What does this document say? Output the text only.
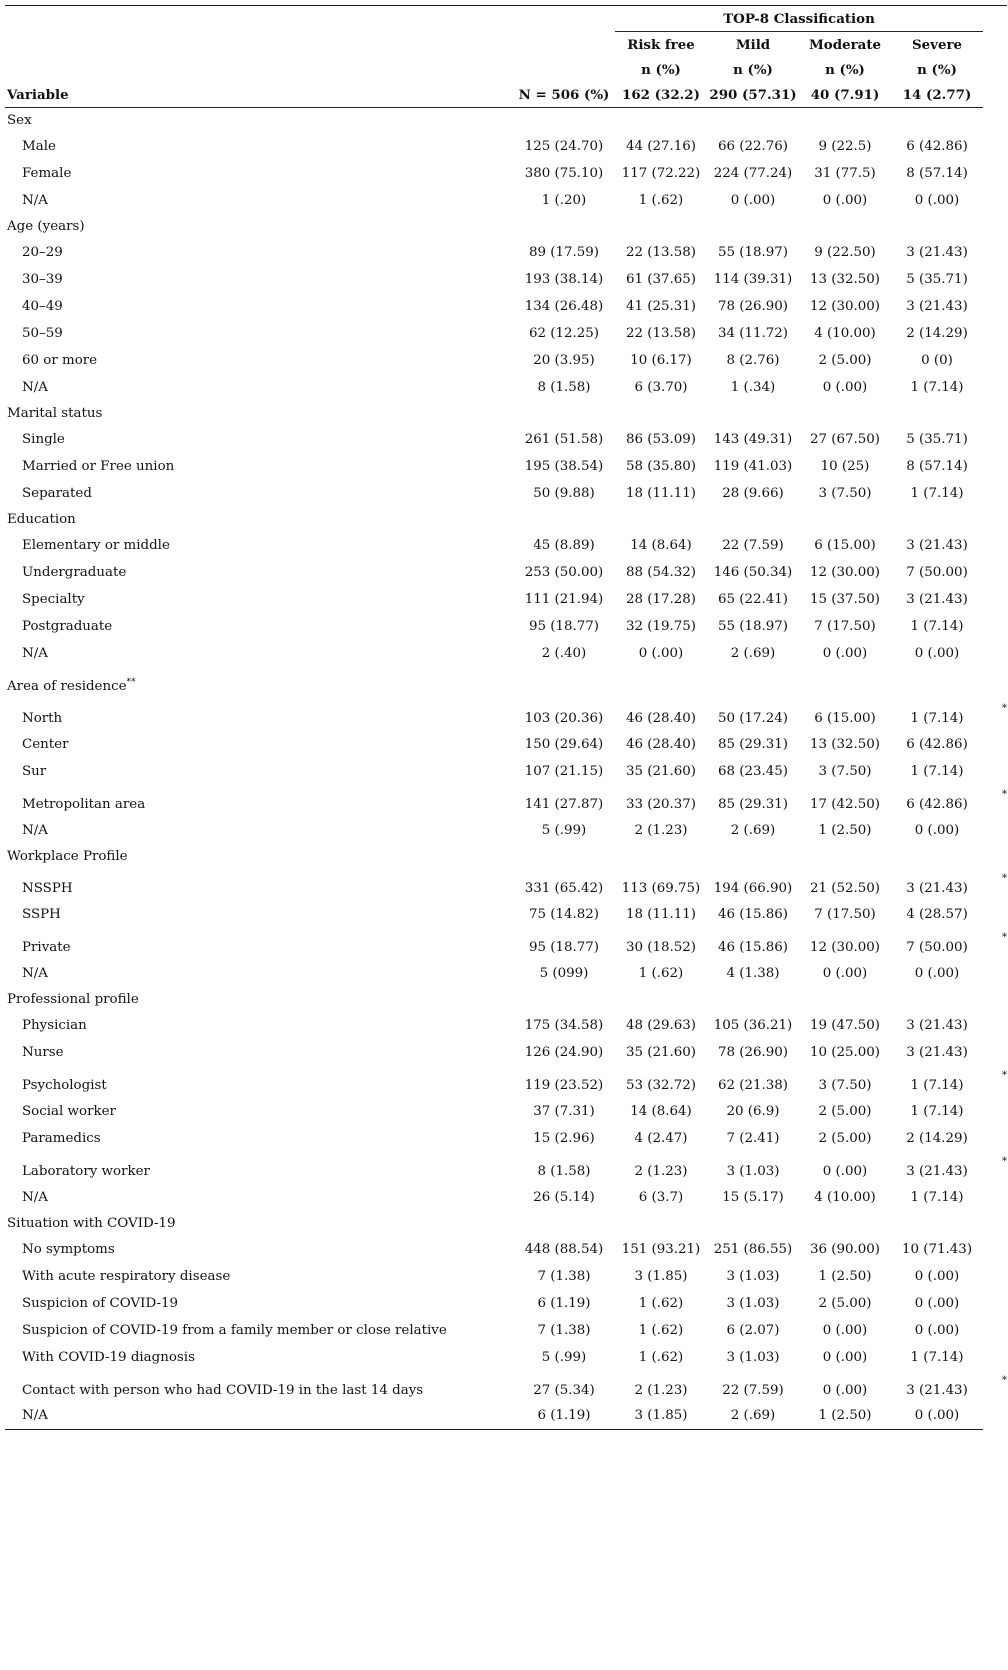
		TOP-8 Classification				
		Risk free	Mild	Moderate	Severe	
		n (%)	n (%)	n (%)	n (%)	
Variable	N = 506 (%)	162 (32.2)	290 (57.31)	40 (7.91)	14 (2.77)	
Sex						
Male	125 (24.70)	44 (27.16)	66 (22.76)	9 (22.5)	6 (42.86)	
Female	380 (75.10)	117 (72.22)	224 (77.24)	31 (77.5)	8 (57.14)	
N/A	1 (.20)	1 (.62)	0 (.00)	0 (.00)	0 (.00)	
Age (years)						
20–29	89 (17.59)	22 (13.58)	55 (18.97)	9 (22.50)	3 (21.43)	
30–39	193 (38.14)	61 (37.65)	114 (39.31)	13 (32.50)	5 (35.71)	
40–49	134 (26.48)	41 (25.31)	78 (26.90)	12 (30.00)	3 (21.43)	
50–59	62 (12.25)	22 (13.58)	34 (11.72)	4 (10.00)	2 (14.29)	
60 or more	20 (3.95)	10 (6.17)	8 (2.76)	2 (5.00)	0 (0)	
N/A	8 (1.58)	6 (3.70)	1 (.34)	0 (.00)	1 (7.14)	
Marital status						
Single	261 (51.58)	86 (53.09)	143 (49.31)	27 (67.50)	5 (35.71)	
Married or Free union	195 (38.54)	58 (35.80)	119 (41.03)	10 (25)	8 (57.14)	
Separated	50 (9.88)	18 (11.11)	28 (9.66)	3 (7.50)	1 (7.14)	
Education						
Elementary or middle	45 (8.89)	14 (8.64)	22 (7.59)	6 (15.00)	3 (21.43)	
Undergraduate	253 (50.00)	88 (54.32)	146 (50.34)	12 (30.00)	7 (50.00)	
Specialty	111 (21.94)	28 (17.28)	65 (22.41)	15 (37.50)	3 (21.43)	
Postgraduate	95 (18.77)	32 (19.75)	55 (18.97)	7 (17.50)	1 (7.14)	
N/A	2 (.40)	0 (.00)	2 (.69)	0 (.00)	0 (.00)	
Area of residence**						
North	103 (20.36)	46 (28.40)	50 (17.24)	6 (15.00)	1 (7.14)	*
Center	150 (29.64)	46 (28.40)	85 (29.31)	13 (32.50)	6 (42.86)	
Sur	107 (21.15)	35 (21.60)	68 (23.45)	3 (7.50)	1 (7.14)	
Metropolitan area	141 (27.87)	33 (20.37)	85 (29.31)	17 (42.50)	6 (42.86)	*
N/A	5 (.99)	2 (1.23)	2 (.69)	1 (2.50)	0 (.00)	
Workplace Profile						
NSSPH	331 (65.42)	113 (69.75)	194 (66.90)	21 (52.50)	3 (21.43)	*
SSPH	75 (14.82)	18 (11.11)	46 (15.86)	7 (17.50)	4 (28.57)	
Private	95 (18.77)	30 (18.52)	46 (15.86)	12 (30.00)	7 (50.00)	*
N/A	5 (099)	1 (.62)	4 (1.38)	0 (.00)	0 (.00)	
Professional profile						
Physician	175 (34.58)	48 (29.63)	105 (36.21)	19 (47.50)	3 (21.43)	
Nurse	126 (24.90)	35 (21.60)	78 (26.90)	10 (25.00)	3 (21.43)	
Psychologist	119 (23.52)	53 (32.72)	62 (21.38)	3 (7.50)	1 (7.14)	*
Social worker	37 (7.31)	14 (8.64)	20 (6.9)	2 (5.00)	1 (7.14)	
Paramedics	15 (2.96)	4 (2.47)	7 (2.41)	2 (5.00)	2 (14.29)	
Laboratory worker	8 (1.58)	2 (1.23)	3 (1.03)	0 (.00)	3 (21.43)	*
N/A	26 (5.14)	6 (3.7)	15 (5.17)	4 (10.00)	1 (7.14)	
Situation with COVID-19						
No symptoms	448 (88.54)	151 (93.21)	251 (86.55)	36 (90.00)	10 (71.43)	
With acute respiratory disease	7 (1.38)	3 (1.85)	3 (1.03)	1 (2.50)	0 (.00)	
Suspicion of COVID-19	6 (1.19)	1 (.62)	3 (1.03)	2 (5.00)	0 (.00)	
Suspicion of COVID-19 from a family member or close relative	7 (1.38)	1 (.62)	6 (2.07)	0 (.00)	0 (.00)	
With COVID-19 diagnosis	5 (.99)	1 (.62)	3 (1.03)	0 (.00)	1 (7.14)	
Contact with person who had COVID-19 in the last 14 days	27 (5.34)	2 (1.23)	22 (7.59)	0 (.00)	3 (21.43)	*
N/A	6 (1.19)	3 (1.85)	2 (.69)	1 (2.50)	0 (.00)	
